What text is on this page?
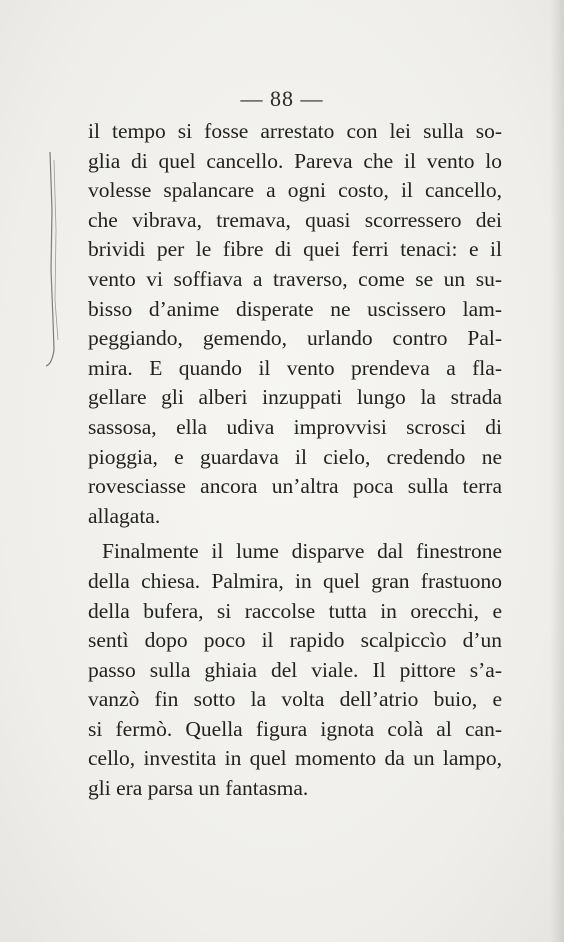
— 88 —
il tempo si fosse arrestato con lei sulla so-
glia di quel cancello. Pareva che il vento lo
volesse spalancare a ogni costo, il cancello,
che vibrava, tremava, quasi scorressero dei
brividi per le fibre di quei ferri tenaci: e il
vento vi soffiava a traverso, come se un su-
bisso d’anime disperate ne uscissero lam-
peggiando, gemendo, urlando contro Pal-
mira. E quando il vento prendeva a fla-
gellare gli alberi inzuppati lungo la strada
sassosa, ella udiva improvvisi scrosci di
pioggia, e guardava il cielo, credendo ne
rovesciasse ancora un’altra poca sulla terra
allagata.
Finalmente il lume disparve dal finestrone
della chiesa. Palmira, in quel gran frastuono
della bufera, si raccolse tutta in orecchi, e
sentì dopo poco il rapido scalpiccìo d’un
passo sulla ghiaia del viale. Il pittore s’a-
vanzò fin sotto la volta dell’atrio buio, e
si fermò. Quella figura ignota colà al can-
cello, investita in quel momento da un lampo,
gli era parsa un fantasma.
